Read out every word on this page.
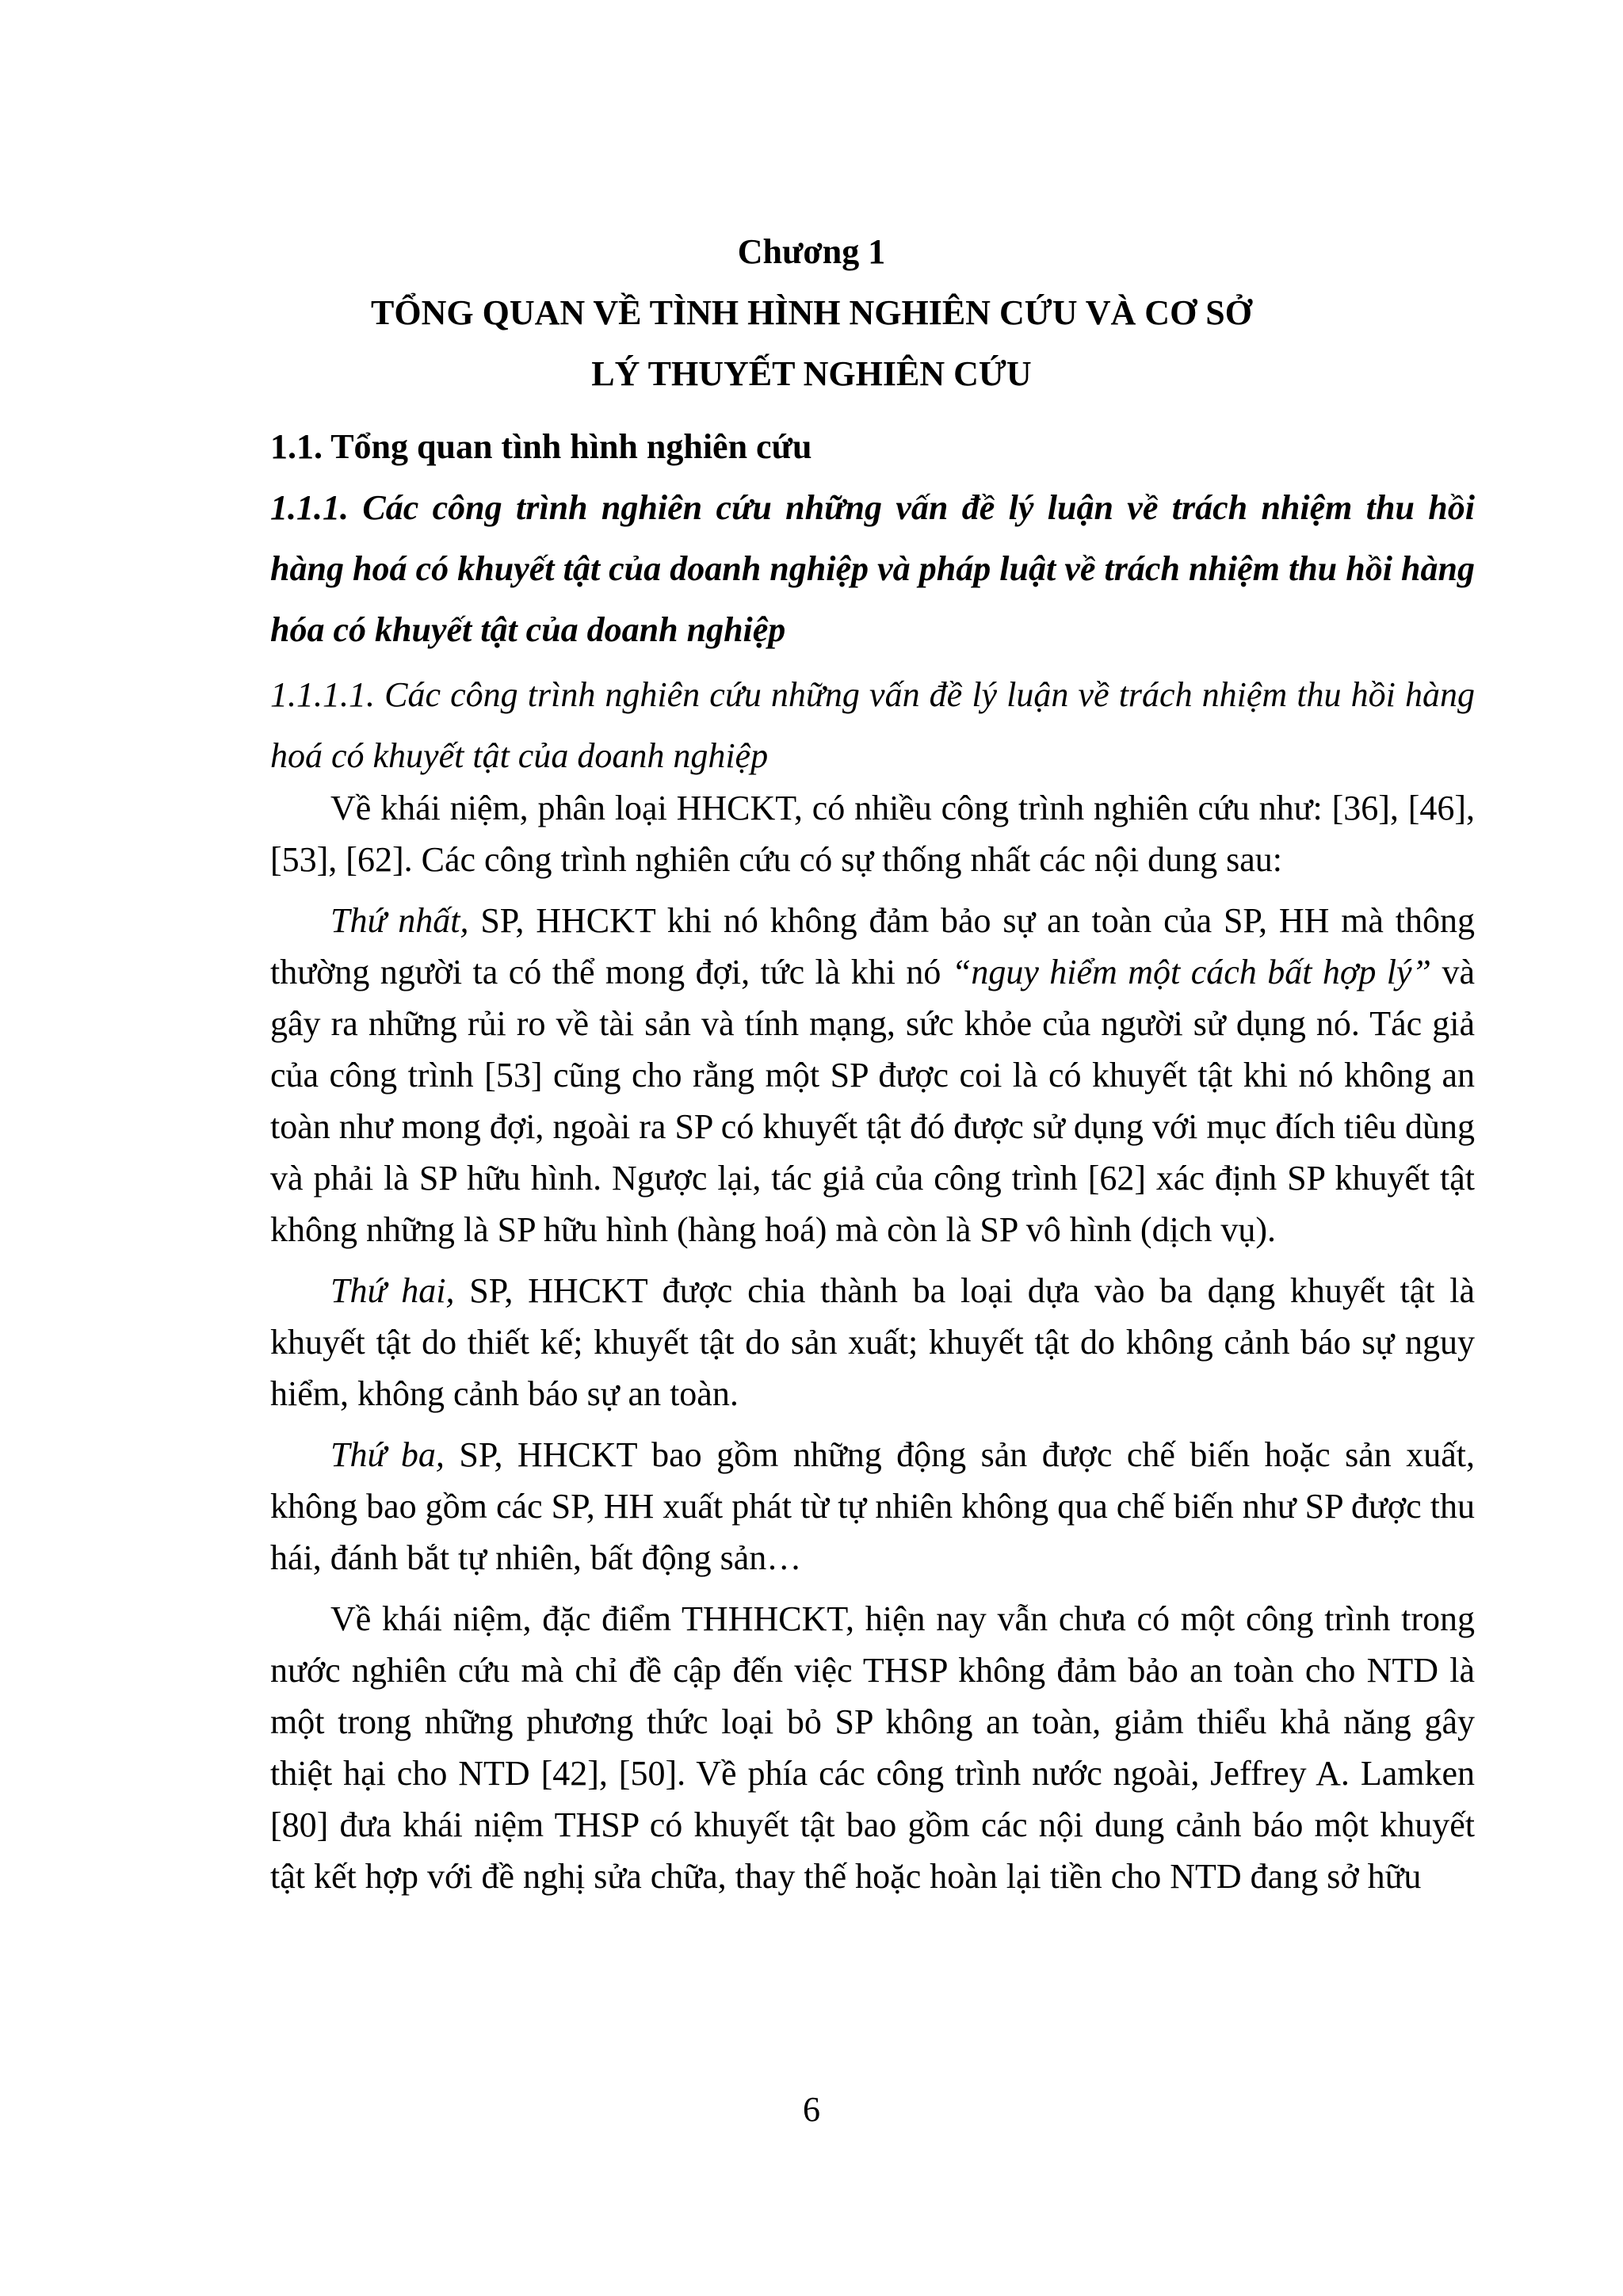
Chương 1
TỔNG QUAN VỀ TÌNH HÌNH NGHIÊN CỨU VÀ CƠ SỞ
LÝ THUYẾT NGHIÊN CỨU
1.1. Tổng quan tình hình nghiên cứu
1.1.1. Các công trình nghiên cứu những vấn đề lý luận về trách nhiệm thu hồi hàng hoá có khuyết tật của doanh nghiệp và pháp luật về trách nhiệm thu hồi hàng hóa có khuyết tật của doanh nghiệp
1.1.1.1. Các công trình nghiên cứu những vấn đề lý luận về trách nhiệm thu hồi hàng hoá có khuyết tật của doanh nghiệp

Về khái niệm, phân loại HHCKT, có nhiều công trình nghiên cứu như: [36], [46], [53], [62]. Các công trình nghiên cứu có sự thống nhất các nội dung sau:

Thứ nhất, SP, HHCKT khi nó không đảm bảo sự an toàn của SP, HH mà thông thường người ta có thể mong đợi, tức là khi nó “nguy hiểm một cách bất hợp lý” và gây ra những rủi ro về tài sản và tính mạng, sức khỏe của người sử dụng nó. Tác giả của công trình [53] cũng cho rằng một SP được coi là có khuyết tật khi nó không an toàn như mong đợi, ngoài ra SP có khuyết tật đó được sử dụng với mục đích tiêu dùng và phải là SP hữu hình. Ngược lại, tác giả của công trình [62] xác định SP khuyết tật không những là SP hữu hình (hàng hoá) mà còn là SP vô hình (dịch vụ).

Thứ hai, SP, HHCKT được chia thành ba loại dựa vào ba dạng khuyết tật là khuyết tật do thiết kế; khuyết tật do sản xuất; khuyết tật do không cảnh báo sự nguy hiểm, không cảnh báo sự an toàn.

Thứ ba, SP, HHCKT bao gồm những động sản được chế biến hoặc sản xuất, không bao gồm các SP, HH xuất phát từ tự nhiên không qua chế biến như SP được thu hái, đánh bắt tự nhiên, bất động sản…

Về khái niệm, đặc điểm THHHCKT, hiện nay vẫn chưa có một công trình trong nước nghiên cứu mà chỉ đề cập đến việc THSP không đảm bảo an toàn cho NTD là một trong những phương thức loại bỏ SP không an toàn, giảm thiểu khả năng gây thiệt hại cho NTD [42], [50]. Về phía các công trình nước ngoài, Jeffrey A. Lamken [80] đưa khái niệm THSP có khuyết tật bao gồm các nội dung cảnh báo một khuyết tật kết hợp với đề nghị sửa chữa, thay thế hoặc hoàn lại tiền cho NTD đang sở hữu

6
